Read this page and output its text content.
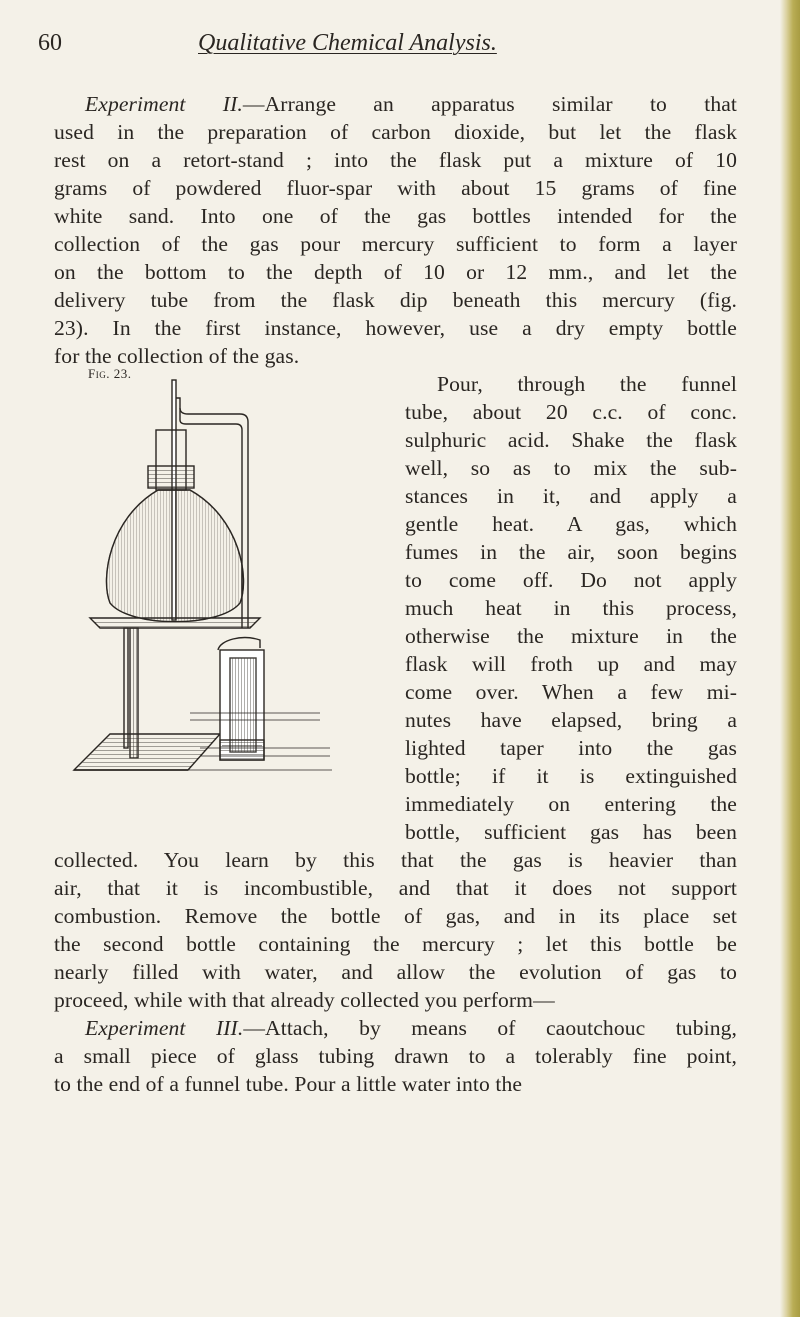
60	Qualitative Chemical Analysis.
Experiment II.—Arrange an apparatus similar to that
used in the preparation of carbon dioxide, but let the flask
rest on a retort-stand ; into the flask put a mixture of 10
grams of powdered fluor-spar with about 15 grams of fine
white sand. Into one of the gas bottles intended for the
collection of the gas pour mercury sufficient to form a layer
on the bottom to the depth of 10 or 12 mm., and let the
delivery tube from the flask dip beneath this mercury (fig.
23). In the first instance, however, use a dry empty bottle
for the collection of the gas.
Pour, through the funnel
tube, about 20 c.c. of conc.
sulphuric acid. Shake the flask
well, so as to mix the sub-
stances in it, and apply a
gentle heat. A gas, which
fumes in the air, soon begins
to come off. Do not apply
much heat in this process,
otherwise the mixture in the
flask will froth up and may
come over. When a few mi-
nutes have elapsed, bring a
lighted taper into the gas
bottle; if it is extinguished
immediately on entering the
bottle, sufficient gas has been
collected. You learn by this that the gas is heavier than
air, that it is incombustible, and that it does not support
combustion. Remove the bottle of gas, and in its place set
the second bottle containing the mercury ; let this bottle be
nearly filled with water, and allow the evolution of gas to
proceed, while with that already collected you perform—
Experiment III.—Attach, by means of caoutchouc tubing,
a small piece of glass tubing drawn to a tolerably fine point,
to the end of a funnel tube. Pour a little water into the
Fig. 23.
